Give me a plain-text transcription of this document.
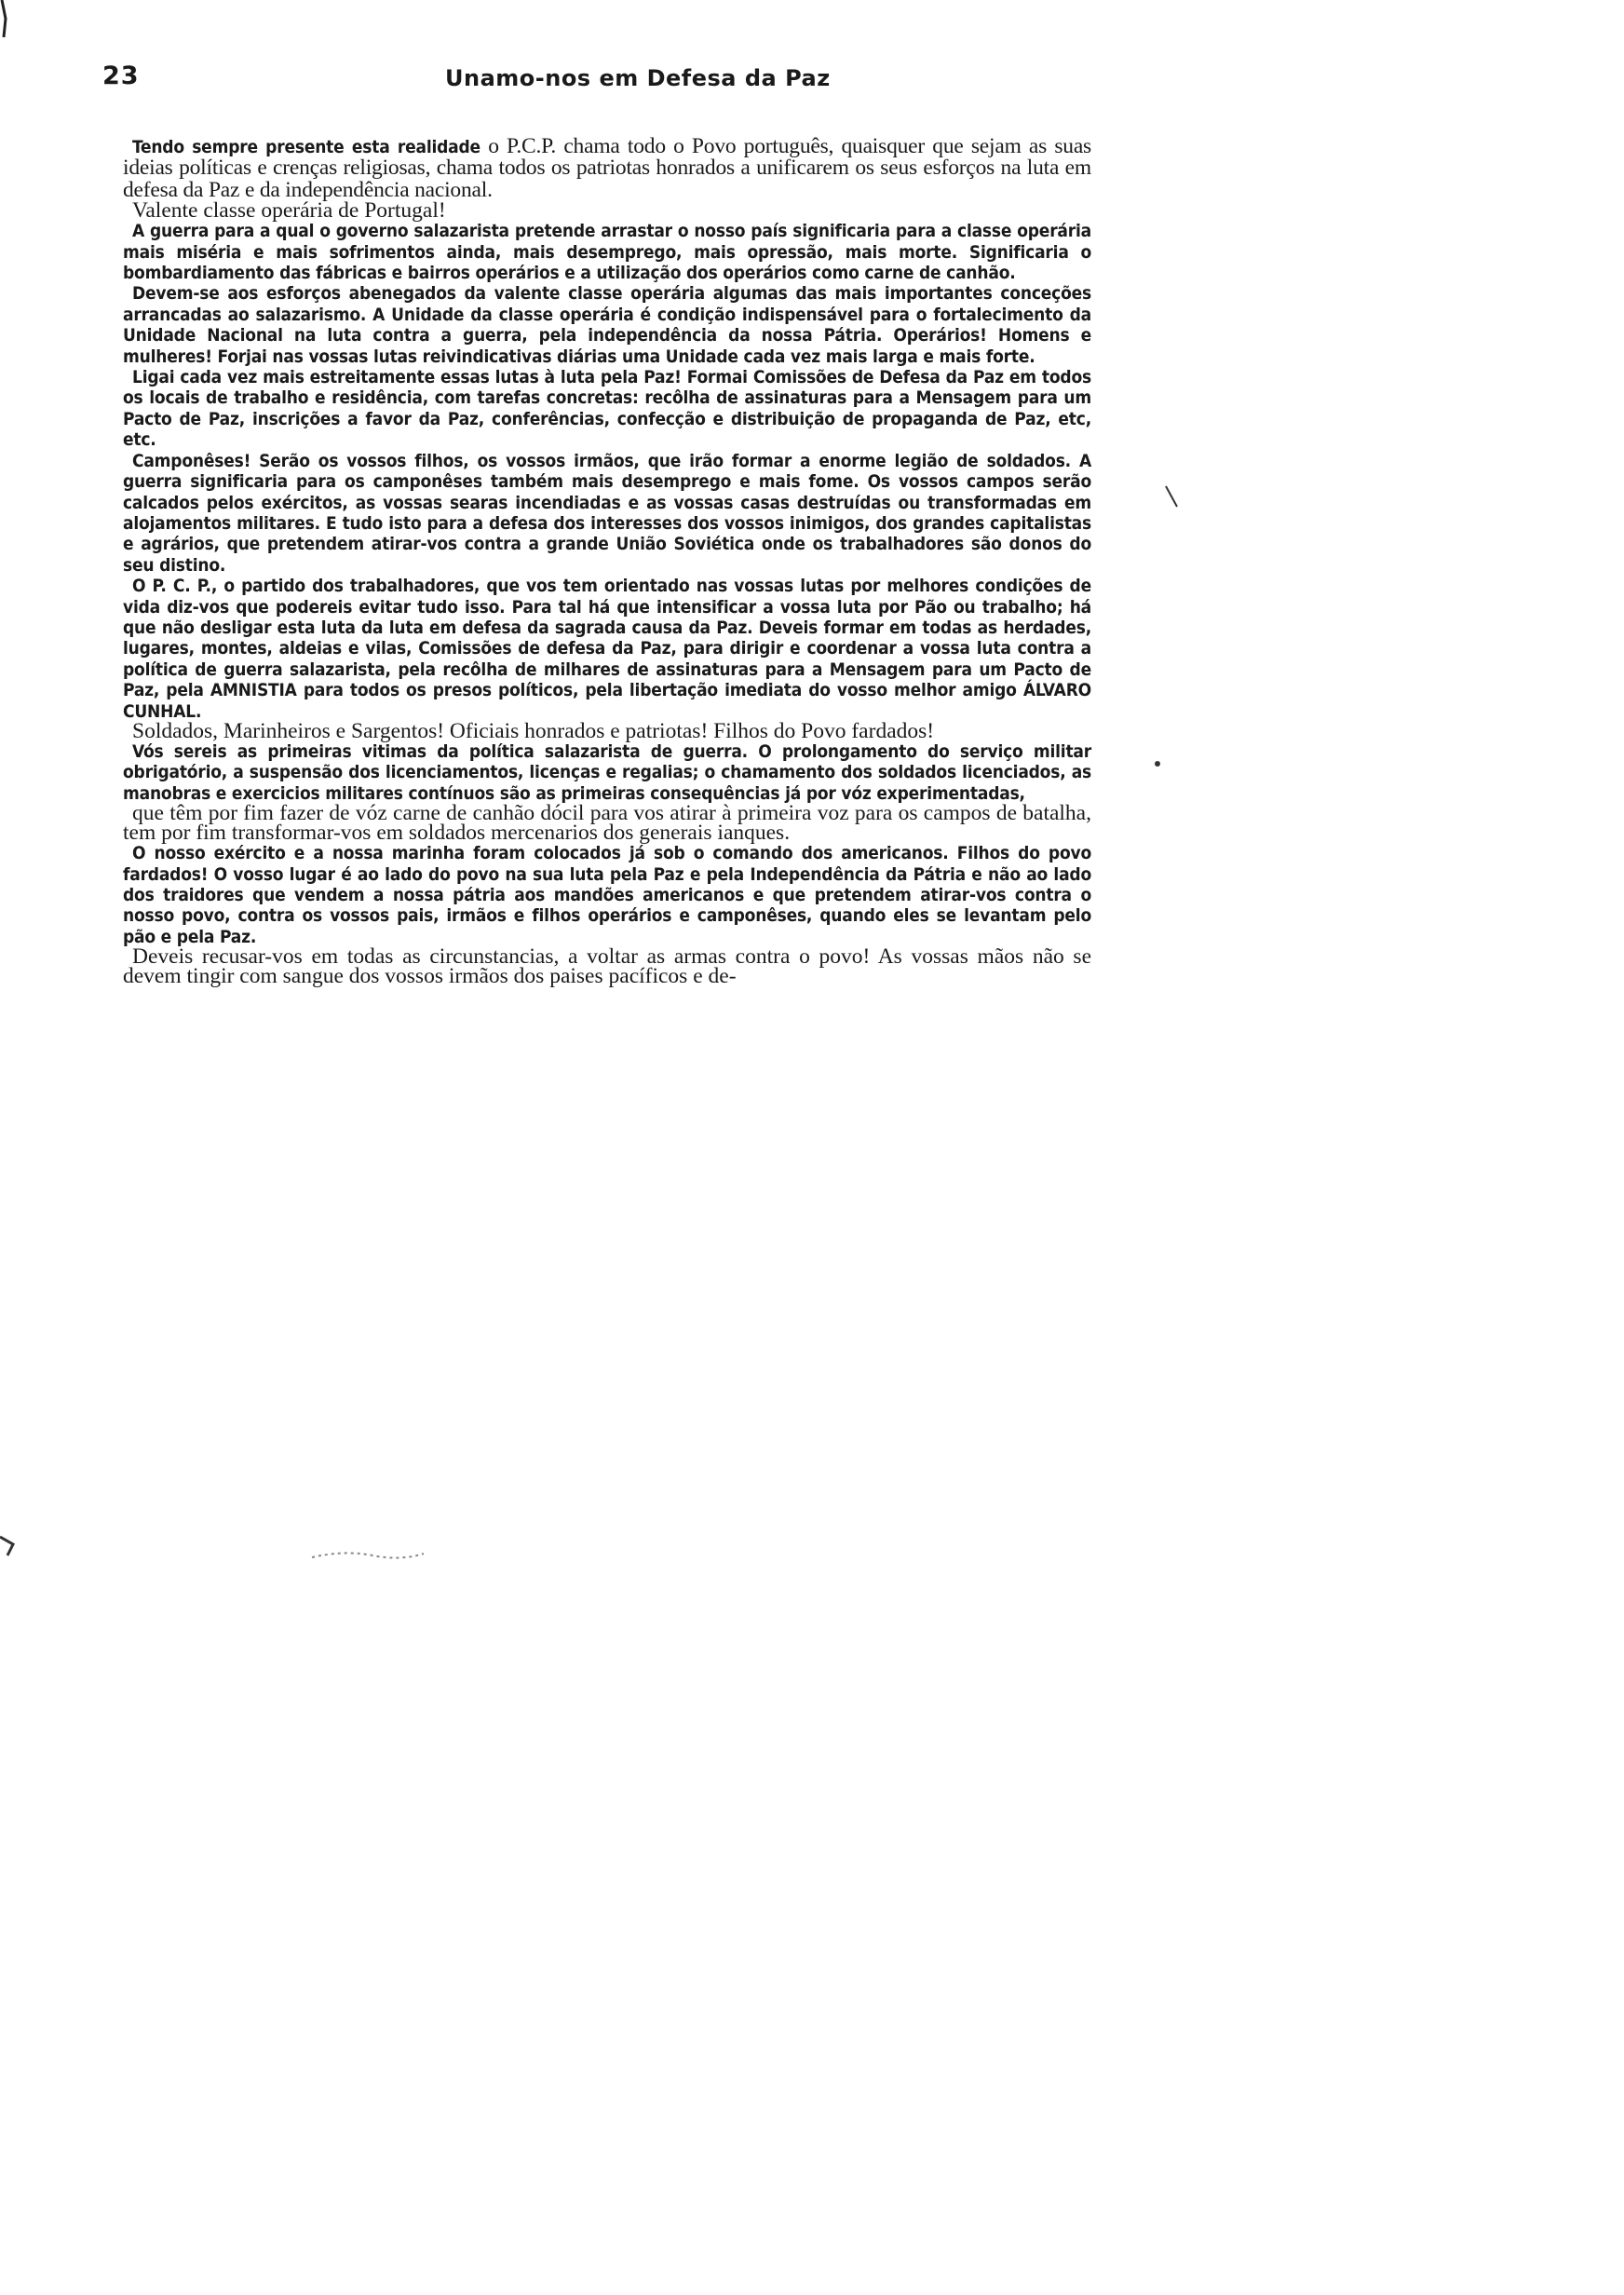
23	Unamo-nos em Defesa da Paz

Tendo sempre presente esta realidade o P.C.P. chama todo o Povo português, quaisquer que sejam as suas ideias políticas e crenças religiosas, chama todos os patriotas honrados a unificarem os seus esforços na luta em defesa da Paz e da independência nacional.

Valente classe operária de Portugal!

A guerra para a qual o governo salazarista pretende arrastar o nosso país significaria para a classe operária mais miséria e mais sofrimentos ainda, mais desemprego, mais opressão, mais morte. Significaria o bombardiamento das fábricas e bairros operários e a utilização dos operários como carne de canhão.

Devem-se aos esforços abenegados da valente classe operária algumas das mais importantes conceções arrancadas ao salazarismo. A Unidade da classe operária é condição indispensável para o fortalecimento da Unidade Nacional na luta contra a guerra, pela independência da nossa Pátria. Operários! Homens e mulheres! Forjai nas vossas lutas reivindicativas diárias uma Unidade cada vez mais larga e mais forte.

Ligai cada vez mais estreitamente essas lutas à luta pela Paz! Formai Comissões de Defesa da Paz em todos os locais de trabalho e residência, com tarefas concretas: recôlha de assinaturas para a Mensagem para um Pacto de Paz, inscrições a favor da Paz, conferências, confecção e distribuição de propaganda de Paz, etc, etc.

Camponêses! Serão os vossos filhos, os vossos irmãos, que irão formar a enorme legião de soldados. A guerra significaria para os camponêses também mais desemprego e mais fome. Os vossos campos serão calcados pelos exércitos, as vossas searas incendiadas e as vossas casas destruídas ou transformadas em alojamentos militares. E tudo isto para a defesa dos interesses dos vossos inimigos, dos grandes capitalistas e agrários, que pretendem atirar-vos contra a grande União Soviética onde os trabalhadores são donos do seu distino.

O P. C. P., o partido dos trabalhadores, que vos tem orientado nas vossas lutas por melhores condições de vida diz-vos que podereis evitar tudo isso. Para tal há que intensificar a vossa luta por Pão ou trabalho; há que não desligar esta luta da luta em defesa da sagrada causa da Paz. Deveis formar em todas as herdades, lugares, montes, aldeias e vilas, Comissões de defesa da Paz, para dirigir e coordenar a vossa luta contra a política de guerra salazarista, pela recôlha de milhares de assinaturas para a Mensagem para um Pacto de Paz, pela AMNISTIA para todos os presos políticos, pela libertação imediata do vosso melhor amigo ÁLVARO CUNHAL.

Soldados, Marinheiros e Sargentos! Oficiais honrados e patriotas! Filhos do Povo fardados!

Vós sereis as primeiras vitimas da política salazarista de guerra. O prolongamento do serviço militar obrigatório, a suspensão dos licenciamentos, licenças e regalias; o chamamento dos soldados licenciados, as manobras e exercicios militares contínuos são as primeiras consequências já por vóz experimentadas,

que têm por fim fazer de vóz carne de canhão dócil para vos atirar à primeira voz para os campos de batalha, tem por fim transformar-vos em soldados mercenarios dos generais ianques.

O nosso exército e a nossa marinha foram colocados já sob o comando dos americanos. Filhos do povo fardados! O vosso lugar é ao lado do povo na sua luta pela Paz e pela Independência da Pátria e não ao lado dos traidores que vendem a nossa pátria aos mandões americanos e que pretendem atirar-vos contra o nosso povo, contra os vossos pais, irmãos e filhos operários e camponêses, quando eles se levantam pelo pão e pela Paz.

Deveis recusar-vos em todas as circunstancias, a voltar as armas contra o povo! As vossas mãos não se devem tingir com sangue dos vossos irmãos dos paises pacíficos e de-
